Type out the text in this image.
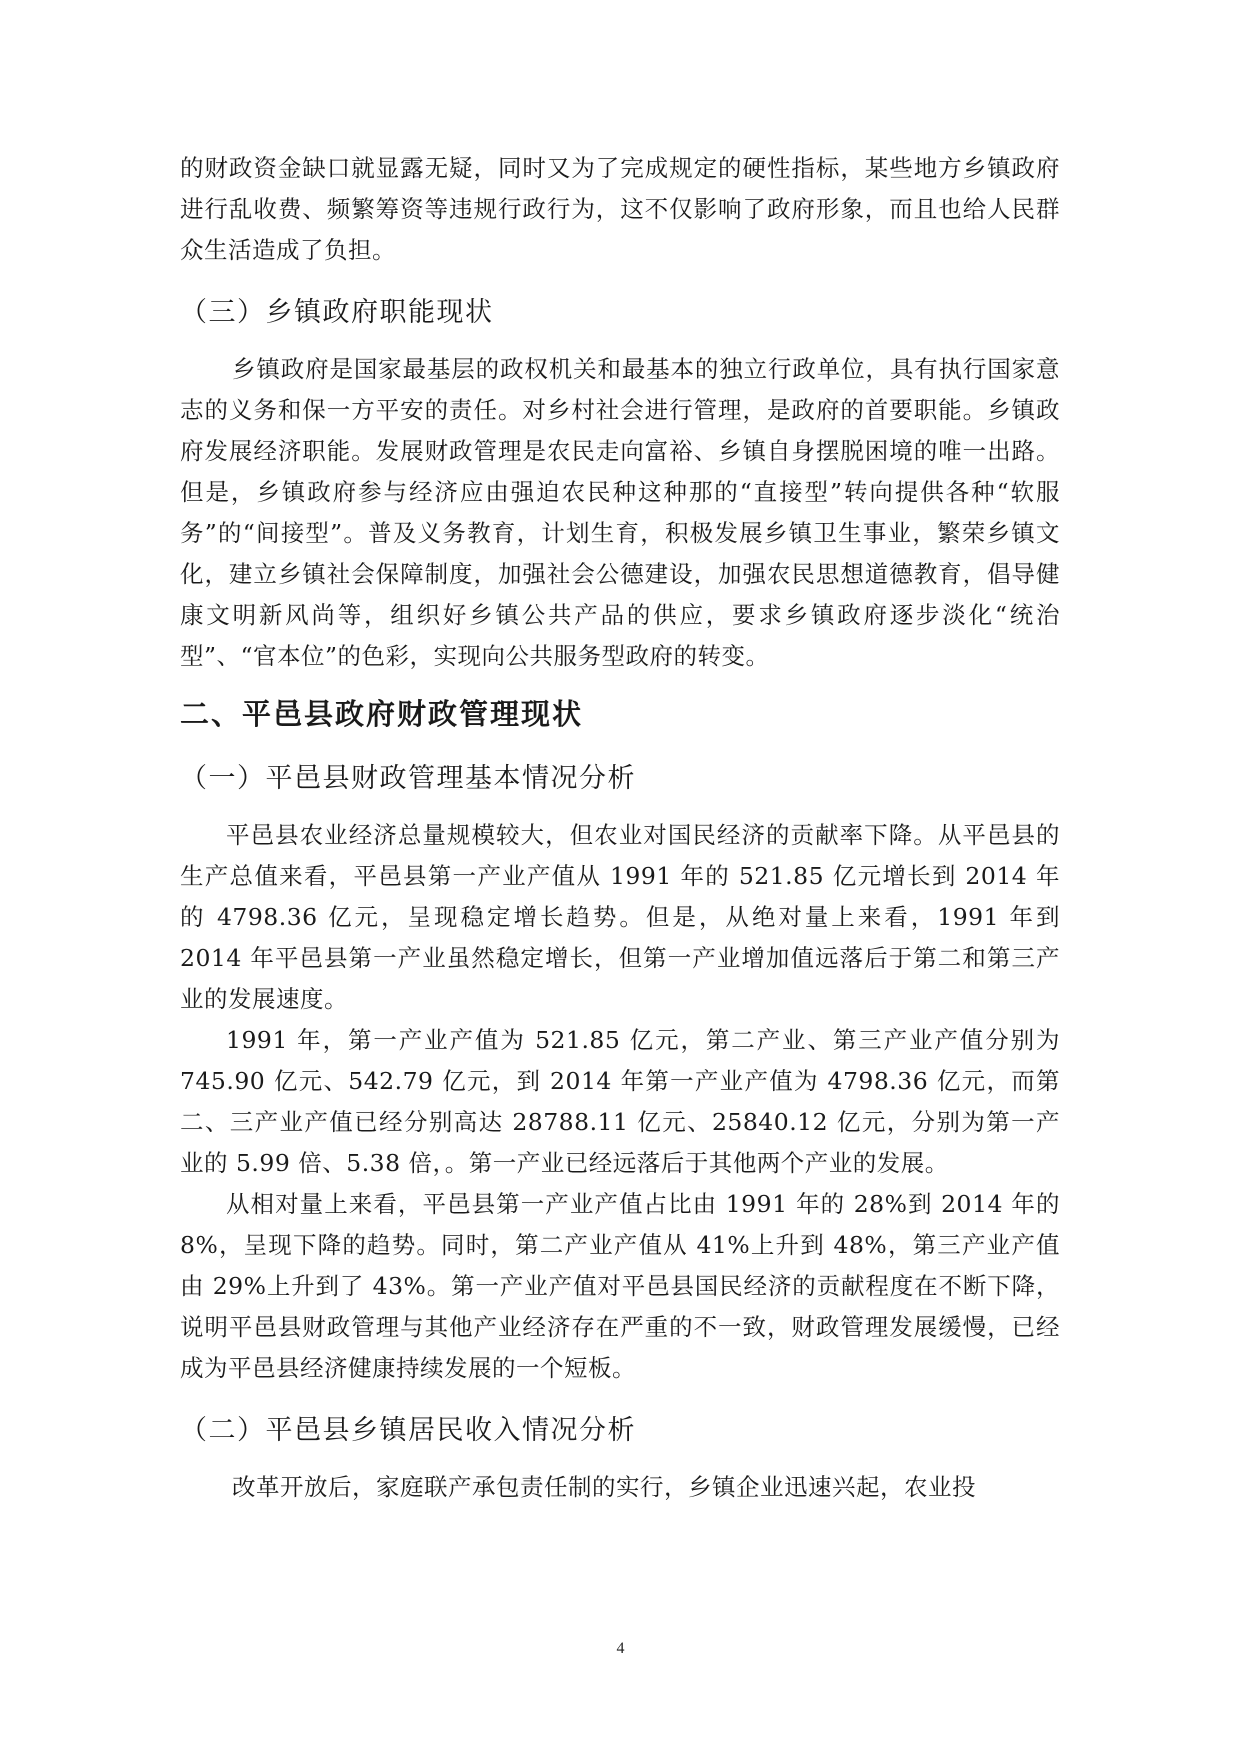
的财政资金缺口就显露无疑，同时又为了完成规定的硬性指标，某些地方乡镇政府进行乱收费、频繁筹资等违规行政行为，这不仅影响了政府形象，而且也给人民群众生活造成了负担。

（三）乡镇政府职能现状

乡镇政府是国家最基层的政权机关和最基本的独立行政单位，具有执行国家意志的义务和保一方平安的责任。对乡村社会进行管理，是政府的首要职能。乡镇政府发展经济职能。发展财政管理是农民走向富裕、乡镇自身摆脱困境的唯一出路。但是，乡镇政府参与经济应由强迫农民种这种那的“直接型”转向提供各种“软服务”的“间接型”。普及义务教育，计划生育，积极发展乡镇卫生事业，繁荣乡镇文化，建立乡镇社会保障制度，加强社会公德建设，加强农民思想道德教育，倡导健康文明新风尚等，组织好乡镇公共产品的供应，要求乡镇政府逐步淡化“统治型”、“官本位”的色彩，实现向公共服务型政府的转变。

二、平邑县政府财政管理现状
（一）平邑县财政管理基本情况分析

平邑县农业经济总量规模较大，但农业对国民经济的贡献率下降。从平邑县的生产总值来看，平邑县第一产业产值从 1991 年的 521.85 亿元增长到 2014 年的 4798.36 亿元，呈现稳定增长趋势。但是，从绝对量上来看，1991 年到 2014 年平邑县第一产业虽然稳定增长，但第一产业增加值远落后于第二和第三产业的发展速度。

1991 年，第一产业产值为 521.85 亿元，第二产业、第三产业产值分别为 745.90 亿元、542.79 亿元，到 2014 年第一产业产值为 4798.36 亿元，而第二、三产业产值已经分别高达 28788.11 亿元、25840.12 亿元，分别为第一产业的 5.99 倍、5.38 倍，。第一产业已经远落后于其他两个产业的发展。

从相对量上来看，平邑县第一产业产值占比由 1991 年的 28%到 2014 年的 8%，呈现下降的趋势。同时，第二产业产值从 41%上升到 48%，第三产业产值由 29%上升到了 43%。第一产业产值对平邑县国民经济的贡献程度在不断下降，说明平邑县财政管理与其他产业经济存在严重的不一致，财政管理发展缓慢，已经成为平邑县经济健康持续发展的一个短板。

（二）平邑县乡镇居民收入情况分析

改革开放后，家庭联产承包责任制的实行，乡镇企业迅速兴起，农业投

4
